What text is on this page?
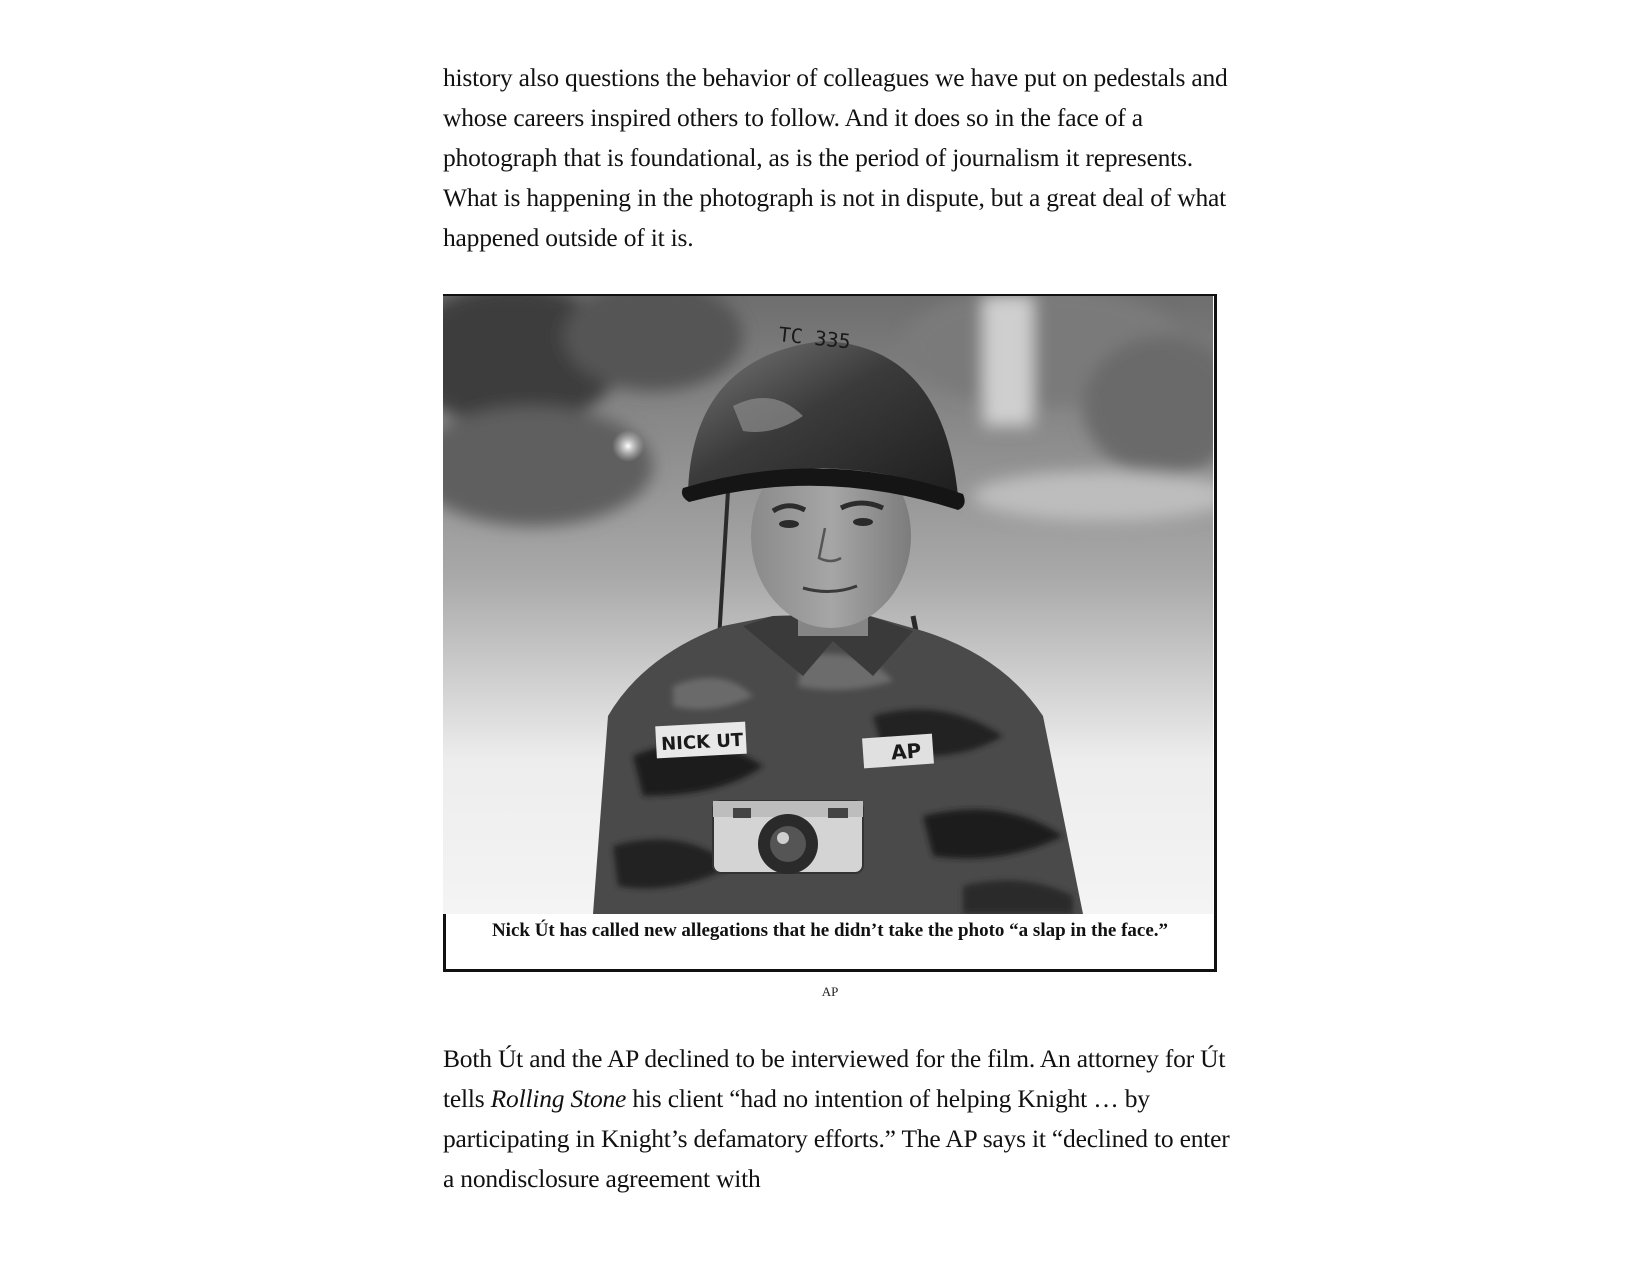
history also questions the behavior of colleagues we have put on pedestals and whose careers inspired others to follow. And it does so in the face of a photograph that is foundational, as is the period of journalism it represents. What is happening in the photograph is not in dispute, but a great deal of what happened outside of it is.

TC 335
NICK UT	AP

Nick Út has called new allegations that he didn’t take the photo “a slap in the face.”

AP

Both Út and the AP declined to be interviewed for the film. An attorney for Út tells Rolling Stone his client “had no intention of helping Knight … by participating in Knight’s defamatory efforts.” The AP says it “declined to enter a nondisclosure agreement with
